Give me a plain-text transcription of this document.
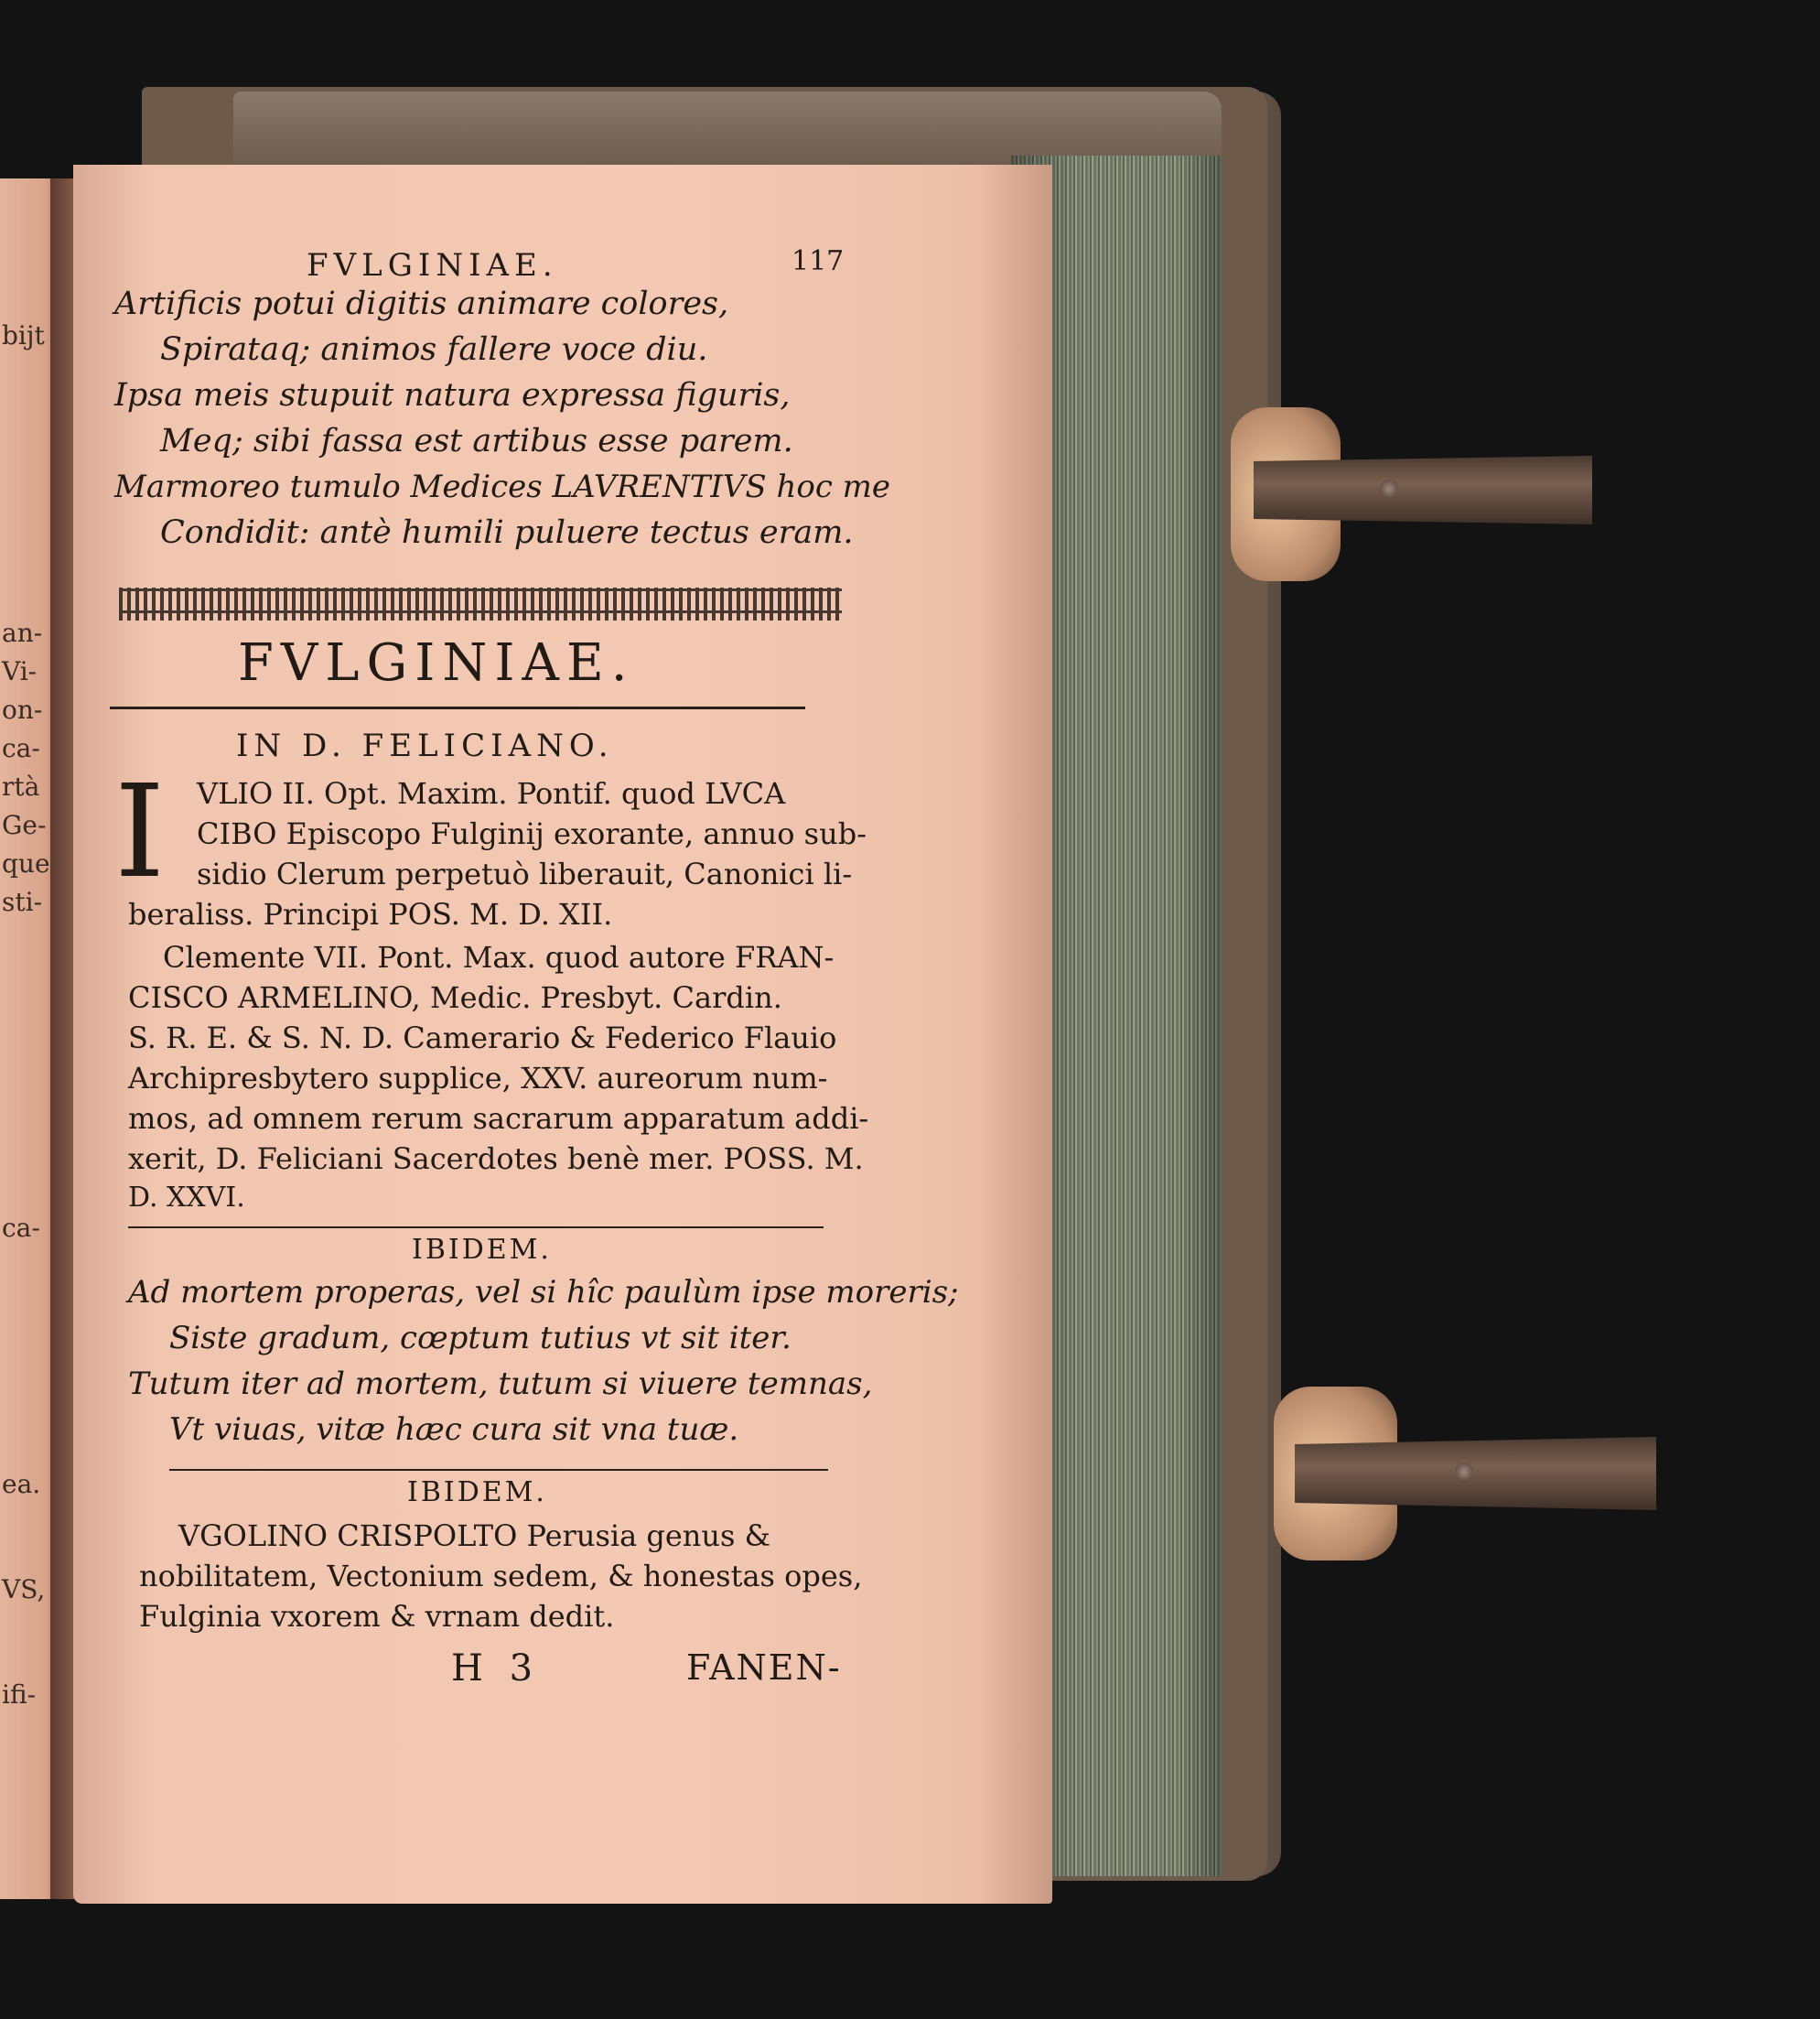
bijt
an-
Vi-
on-
ca-
rtà
Ge-
que
sti-
ca-
ea.
VS,
ifi-
FVLGINIAE.	117
Artificis potui digitis animare colores,
Spirataq; animos fallere voce diu.
Ipsa meis stupuit natura expressa figuris,
Meq; sibi fassa est artibus esse parem.
Marmoreo tumulo Medices LAVRENTIVS hoc me
Condidit: antè humili puluere tectus eram.
FVLGINIAE.
IN D. FELICIANO.
I VLIO II. Opt. Maxim. Pontif. quod LVCA
CIBO Episcopo Fulginij exorante, annuo sub-
sidio Clerum perpetuò liberauit, Canonici li-
beraliss. Principi POS. M. D. XII.
Clemente VII. Pont. Max. quod autore FRAN-
CISCO ARMELINO, Medic. Presbyt. Cardin.
S. R. E. & S. N. D. Camerario & Federico Flauio
Archipresbytero supplice, XXV. aureorum num-
mos, ad omnem rerum sacrarum apparatum addi-
xerit, D. Feliciani Sacerdotes benè mer. POSS. M.
D. XXVI.
IBIDEM.
Ad mortem properas, vel si hîc paulùm ipse moreris;
Siste gradum, cœptum tutius vt sit iter.
Tutum iter ad mortem, tutum si viuere temnas,
Vt viuas, vitæ hæc cura sit vna tuæ.
IBIDEM.
VGOLINO CRISPOLTO Perusia genus &
nobilitatem, Vectonium sedem, & honestas opes,
Fulginia vxorem & vrnam dedit.
H 3	FANEN-
